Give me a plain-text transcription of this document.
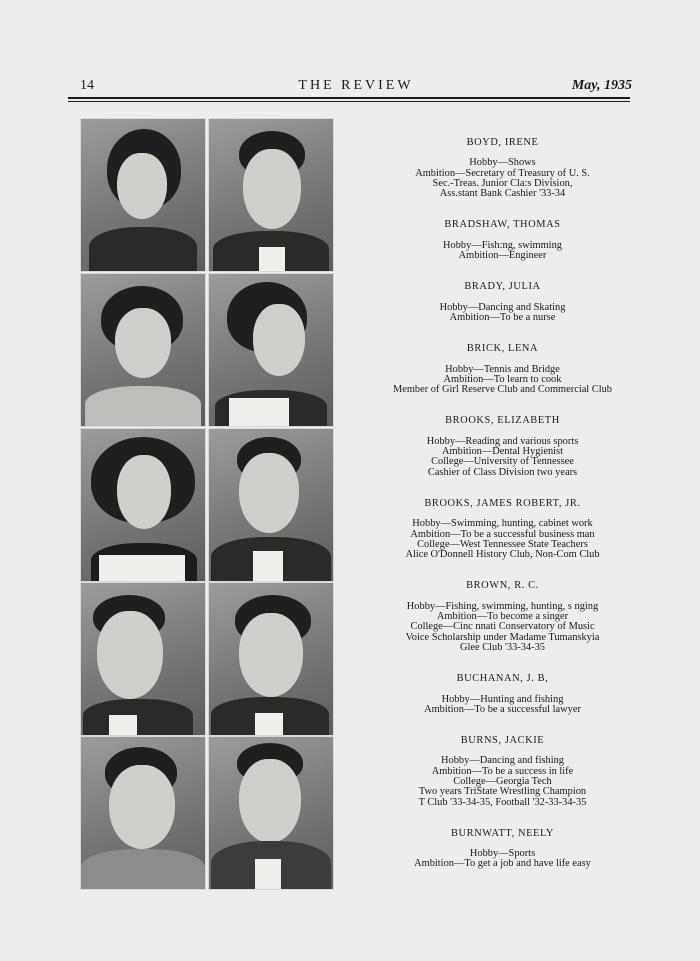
14	THE REVIEW	May, 1935
BOYD, IRENE
Hobby—Shows
Ambition—Secretary of Treasury of U. S.
Sec.-Treas. Junior Cla:s Division,
Ass.stant Bank Cashier '33-34
BRADSHAW, THOMAS
Hobby—Fish:ng, swimming
Ambition—Engineer
BRADY, JULIA
Hobby—Dancing and Skating
Ambition—To be a nurse
BRICK, LENA
Hobby—Tennis and Bridge
Ambition—To learn to cook
Member of Girl Reserve Club and Commercial Club
BROOKS, ELIZABETH
Hobby—Reading and various sports
Ambition—Dental Hygienist
College—University of Tennessee
Cashier of Class Division two years
BROOKS, JAMES ROBERT, JR.
Hobby—Swimming, hunting, cabinet work
Ambition—To be a successful business man
College—West Tennessee State Teachers
Alice O'Donnell History Club, Non-Com Club
BROWN, R. C.
Hobby—Fishing, swimming, hunting, s nging
Ambition—To become a singer
College—Cinc nnati Conservatory of Music
Voice Scholarship under Madame Tumanskyia
Glee Club '33-34-35
BUCHANAN, J. B,
Hobby—Hunting and fishing
Ambition—To be a successful lawyer
BURNS, JACKIE
Hobby—Dancing and fishing
Ambition—To be a success in life
College—Georgia Tech
Two years TriState Wrestling Champion
T Club '33-34-35, Football '32-33-34-35
BURNWATT, NEELY
Hobby—Sports
Ambition—To get a job and have life easy
